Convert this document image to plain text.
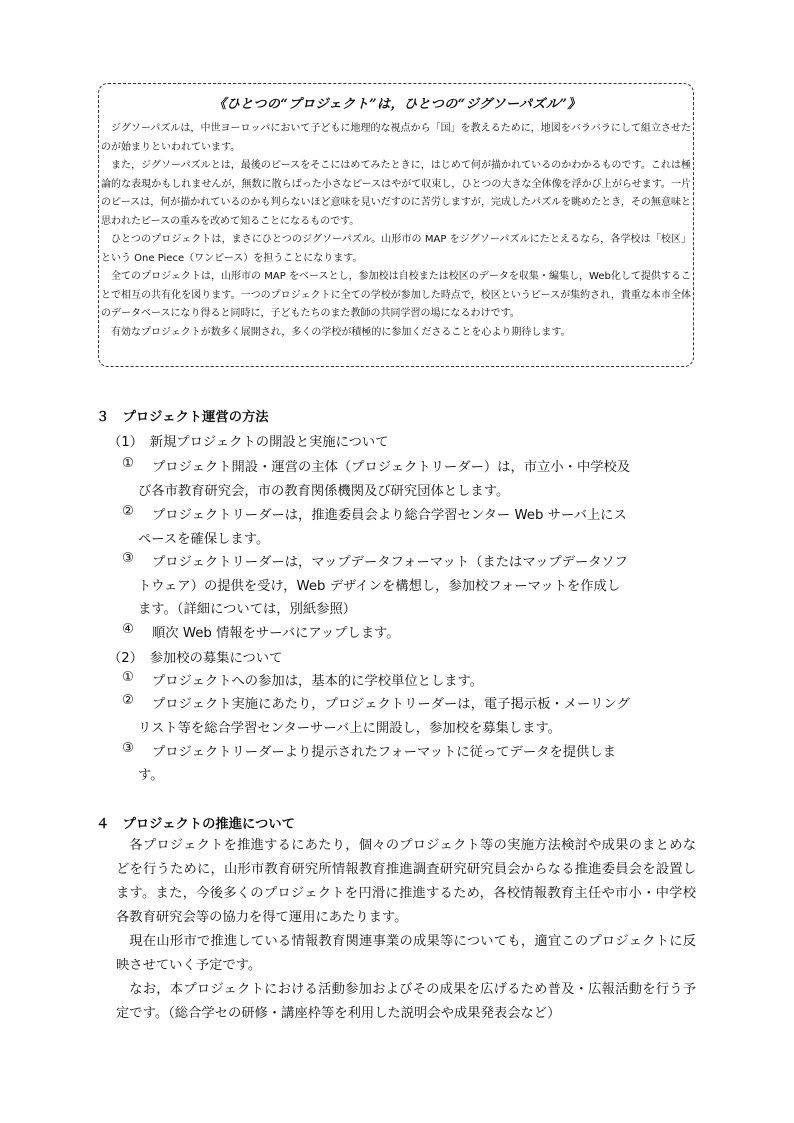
《ひとつの“プロジェクト”は，ひとつの“ジグソーパズル”》

ジグソーパズルは，中世ヨーロッパにおいて子どもに地理的な視点から「国」を教えるために，地図をバラバラにして組立させたのが始まりといわれています。

また，ジグソーパズルとは，最後のピースをそこにはめてみたときに，はじめて何が描かれているのかわかるものです。これは極論的な表現かもしれませんが，無数に散らばった小さなピースはやがて収束し，ひとつの大きな全体像を浮かび上がらせます。一片のピースは，何が描かれているのかも判らないほど意味を見いだすのに苦労しますが，完成したパズルを眺めたとき，その無意味と思われたピースの重みを改めて知ることになるものです。

ひとつのプロジェクトは，まさにひとつのジグソーパズル。山形市の MAP をジグソーパズルにたとえるなら，各学校は「校区」という One Piece（ワンピース）を担うことになります。

全てのプロジェクトは，山形市の MAP をベースとし，参加校は自校または校区のデータを収集・編集し，Web化して提供することで相互の共有化を図ります。一つのプロジェクトに全ての学校が参加した時点で，校区というピースが集約され，貴重な本市全体のデータベースになり得ると同時に，子どもたちのまた教師の共同学習の場になるわけです。

有効なプロジェクトが数多く展開され，多くの学校が積極的に参加くださることを心より期待します。

３　プロジェクト運営の方法
（1）　新規プロジェクトの開設と実施について
① プロジェクト開設・運営の主体（プロジェクトリーダー）は，市立小・中学校及
び各市教育研究会，市の教育関係機関及び研究団体とします。
② プロジェクトリーダーは，推進委員会より総合学習センター Web サーバ上にス
ペースを確保します。
③ プロジェクトリーダーは，マップデータフォーマット（またはマップデータソフ
トウェア）の提供を受け，Web デザインを構想し，参加校フォーマットを作成し
ます。（詳細については，別紙参照）
④ 順次 Web 情報をサーバにアップします。
（2）　参加校の募集について
① プロジェクトへの参加は，基本的に学校単位とします。
② プロジェクト実施にあたり，プロジェクトリーダーは，電子掲示板・メーリング
リスト等を総合学習センターサーバ上に開設し，参加校を募集します。
③ プロジェクトリーダーより提示されたフォーマットに従ってデータを提供しま
す。
４　プロジェクトの推進について

各プロジェクトを推進するにあたり，個々のプロジェクト等の実施方法検討や成果のまとめなどを行うために，山形市教育研究所情報教育推進調査研究研究員会からなる推進委員会を設置します。また，今後多くのプロジェクトを円滑に推進するため，各校情報教育主任や市小・中学校各教育研究会等の協力を得て運用にあたります。

現在山形市で推進している情報教育関連事業の成果等についても，適宜このプロジェクトに反映させていく予定です。

なお，本プロジェクトにおける活動参加およびその成果を広げるため普及・広報活動を行う予定です。（総合学セの研修・講座枠等を利用した説明会や成果発表会など）
